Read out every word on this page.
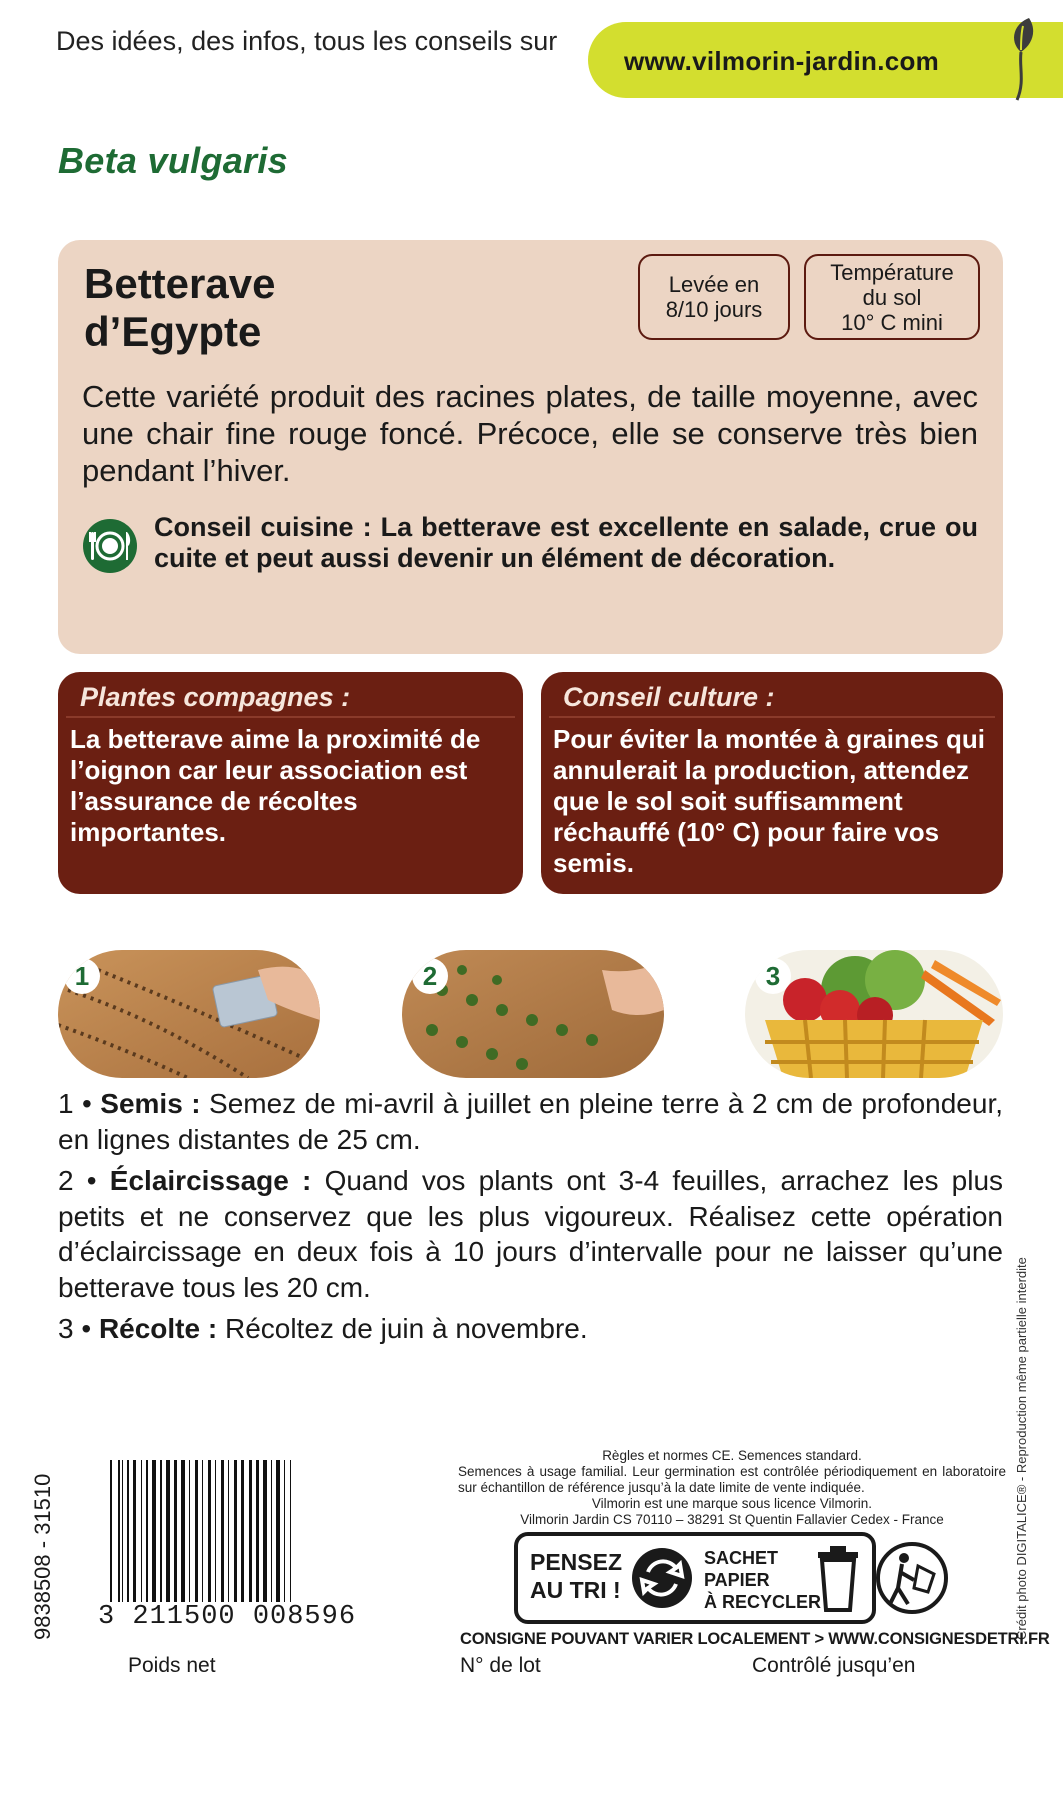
Des idées, des infos, tous les conseils sur
www.vilmorin-jardin.com
Beta vulgaris
Betterave
d’Egypte
Levée en
8/10 jours
Température
du sol
10° C mini
Cette variété produit des racines plates, de taille moyenne, avec une chair fine rouge foncé. Précoce, elle se conserve très bien pendant l’hiver.
Conseil cuisine : La betterave est excellente en salade, crue ou cuite et peut aussi devenir un élément de décoration.
Plantes compagnes :
La betterave aime la proximité de l’oignon car leur association est l’assurance de récoltes importantes.
Conseil culture :
Pour éviter la montée à graines qui annulerait la production, attendez que le sol soit suffisamment réchauffé (10° C) pour faire vos semis.
1	2	3
1 • Semis : Semez de mi-avril à juillet en pleine terre à 2 cm de profondeur, en lignes distantes de 25 cm.
2 • Éclaircissage : Quand vos plants ont 3-4 feuilles, arrachez les plus petits et ne conservez que les plus vigoureux. Réalisez cette opération d’éclaircissage en deux fois à 10 jours d’intervalle pour ne laisser qu’une betterave tous les 20 cm.
3 • Récolte : Récoltez de juin à novembre.
9838508 - 31510	Crédit photo DIGITALICE® - Reproduction même partielle interdite
3 211500 008596
Règles et normes CE. Semences standard.
Semences à usage familial. Leur germination est contrôlée périodiquement en laboratoire sur échantillon de référence jusqu’à la date limite de vente indiquée.
Vilmorin est une marque sous licence Vilmorin.
Vilmorin Jardin CS 70110 – 38291 St Quentin Fallavier Cedex - France
PENSEZ
AU TRI !
SACHET
PAPIER
À RECYCLER
CONSIGNE POUVANT VARIER LOCALEMENT > WWW.CONSIGNESDETRI.FR
Poids net	N° de lot	Contrôlé jusqu’en
